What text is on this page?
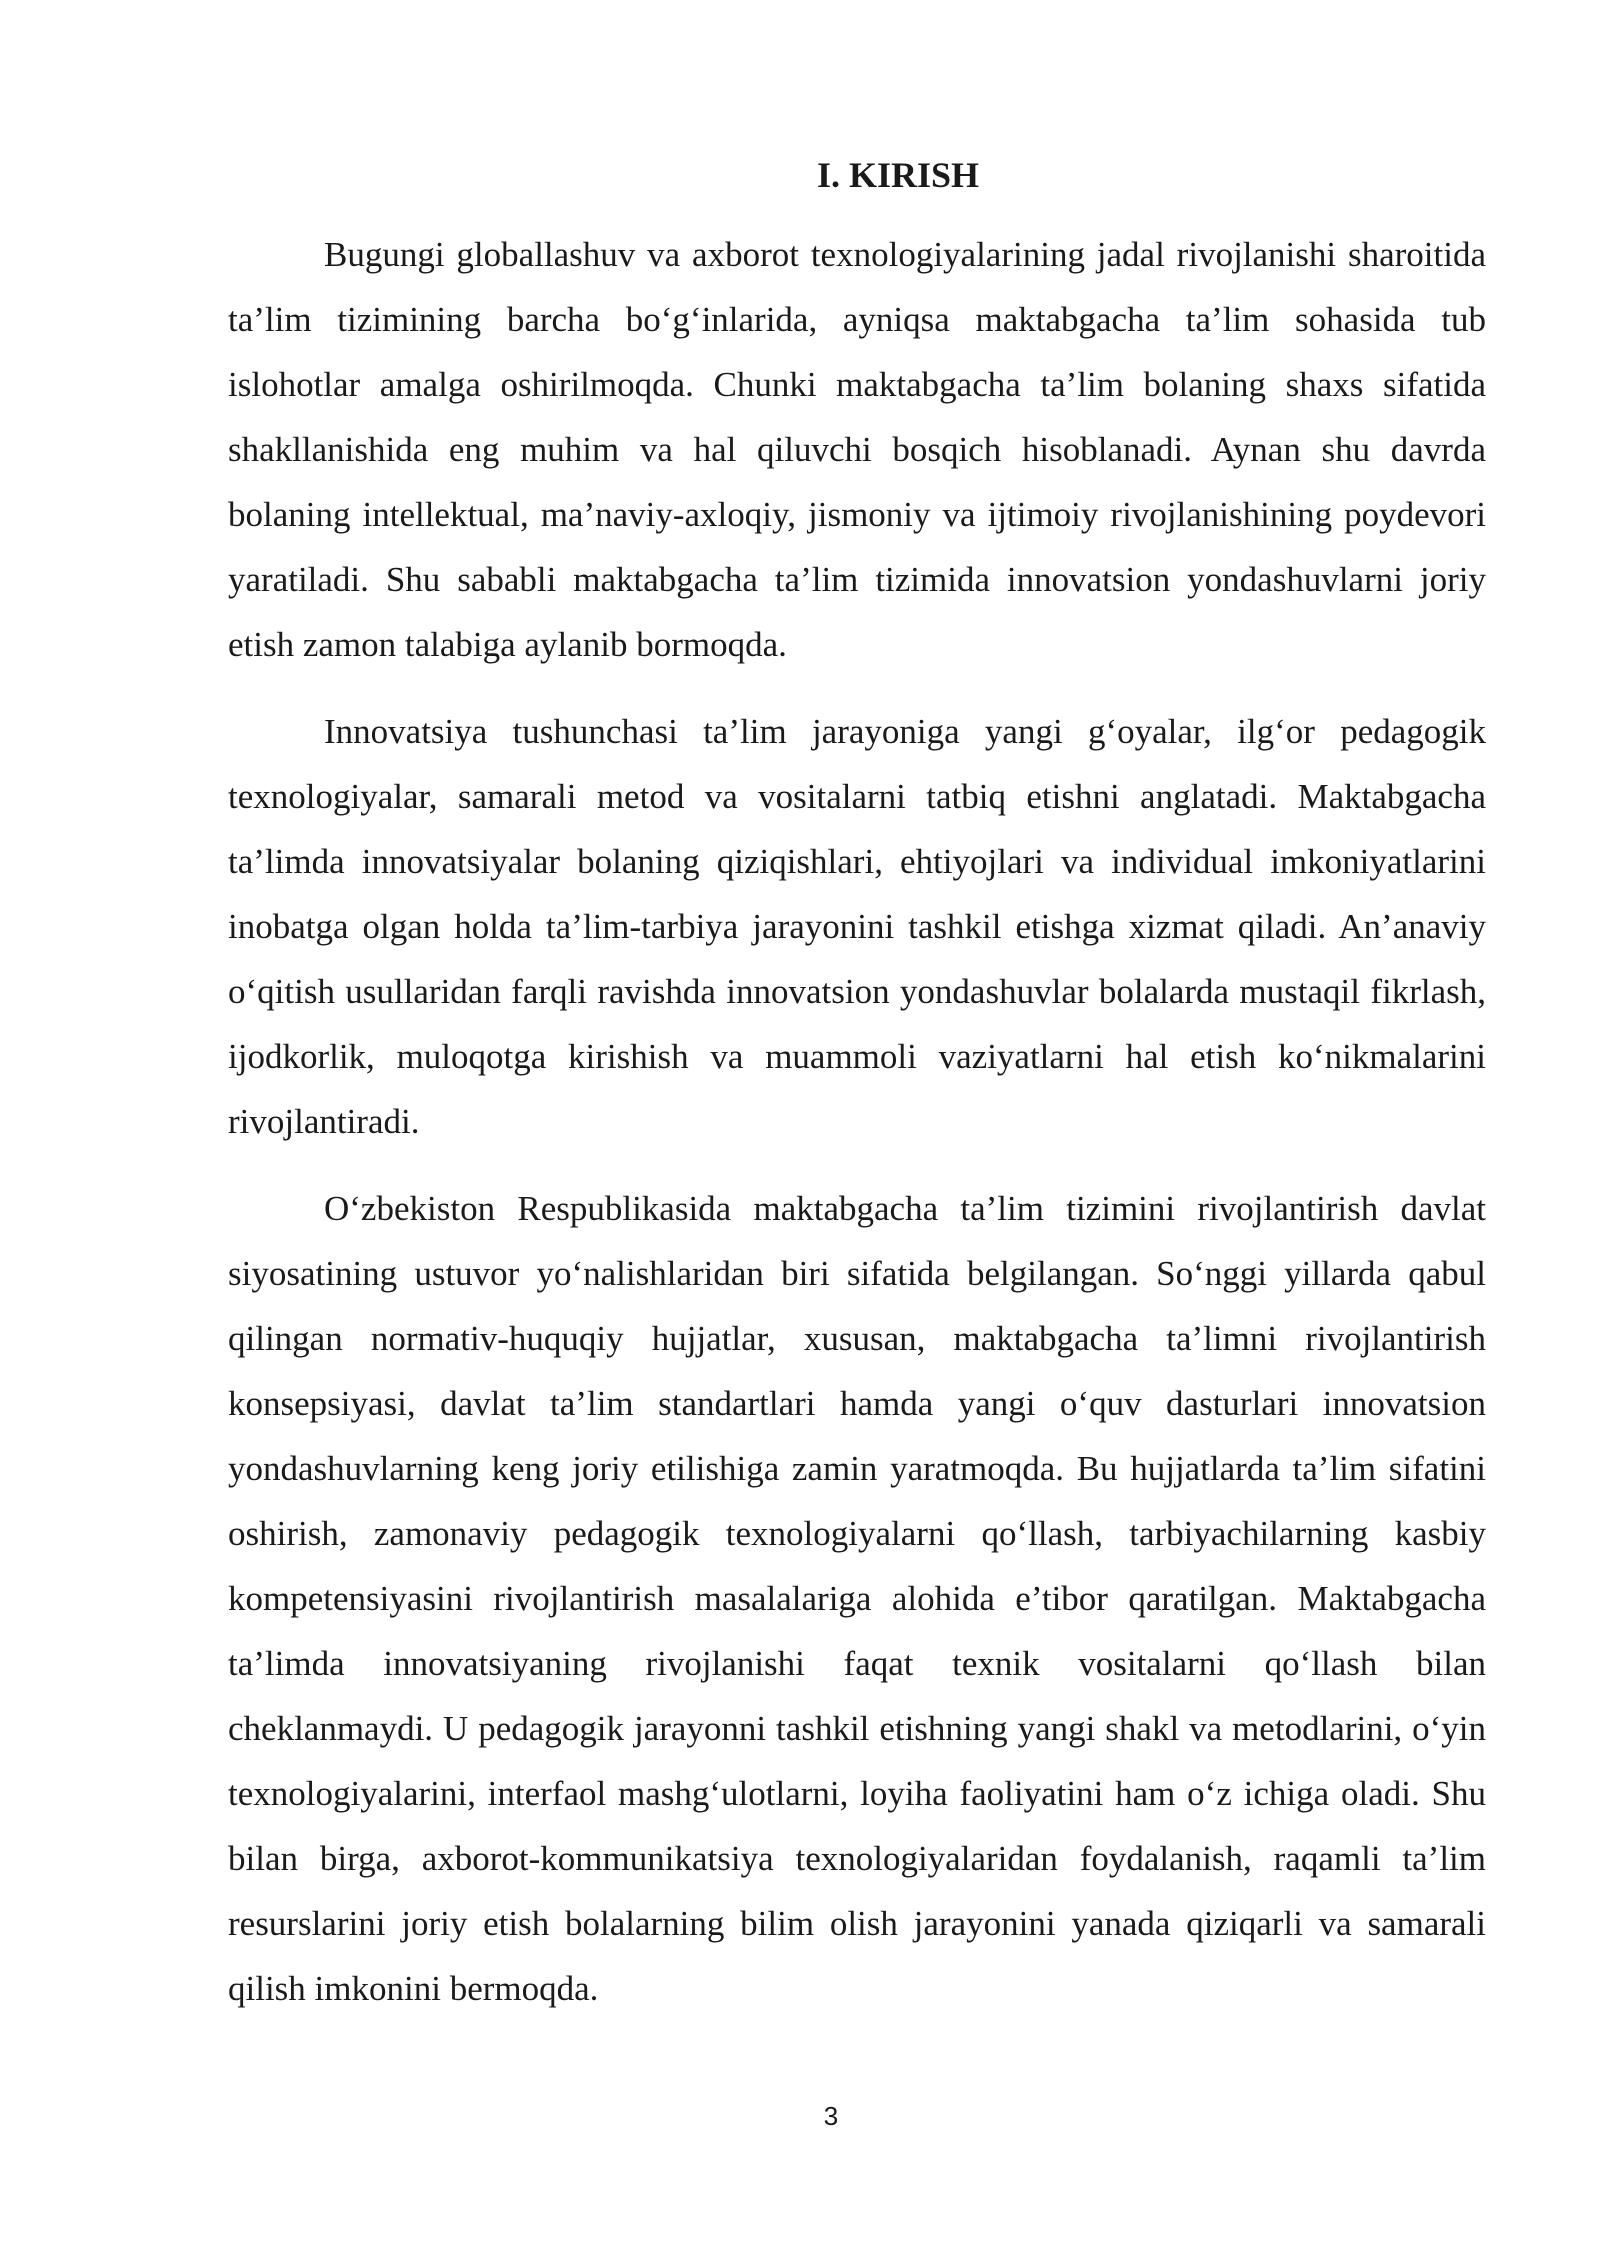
I. KIRISH

Bugungi globallashuv va axborot texnologiyalarining jadal rivojlanishi sharoitida ta’lim tizimining barcha bo‘g‘inlarida, ayniqsa maktabgacha ta’lim sohasida tub islohotlar amalga oshirilmoqda. Chunki maktabgacha ta’lim bolaning shaxs sifatida shakllanishida eng muhim va hal qiluvchi bosqich hisoblanadi. Aynan shu davrda bolaning intellektual, ma’naviy-axloqiy, jismoniy va ijtimoiy rivojlanishining poydevori yaratiladi. Shu sababli maktabgacha ta’lim tizimida innovatsion yondashuvlarni joriy etish zamon talabiga aylanib bormoqda.

Innovatsiya tushunchasi ta’lim jarayoniga yangi g‘oyalar, ilg‘or pedagogik texnologiyalar, samarali metod va vositalarni tatbiq etishni anglatadi. Maktabgacha ta’limda innovatsiyalar bolaning qiziqishlari, ehtiyojlari va individual imkoniyatlarini inobatga olgan holda ta’lim-tarbiya jarayonini tashkil etishga xizmat qiladi. An’anaviy o‘qitish usullaridan farqli ravishda innovatsion yondashuvlar bolalarda mustaqil fikrlash, ijodkorlik, muloqotga kirishish va muammoli vaziyatlarni hal etish ko‘nikmalarini rivojlantiradi.

O‘zbekiston Respublikasida maktabgacha ta’lim tizimini rivojlantirish davlat siyosatining ustuvor yo‘nalishlaridan biri sifatida belgilangan. So‘nggi yillarda qabul qilingan normativ-huquqiy hujjatlar, xususan, maktabgacha ta’limni rivojlantirish konsepsiyasi, davlat ta’lim standartlari hamda yangi o‘quv dasturlari innovatsion yondashuvlarning keng joriy etilishiga zamin yaratmoqda. Bu hujjatlarda ta’lim sifatini oshirish, zamonaviy pedagogik texnologiyalarni qo‘llash, tarbiyachilarning kasbiy kompetensiyasini rivojlantirish masalalariga alohida e’tibor qaratilgan. Maktabgacha ta’limda innovatsiyaning rivojlanishi faqat texnik vositalarni qo‘llash bilan cheklanmaydi. U pedagogik jarayonni tashkil etishning yangi shakl va metodlarini, o‘yin texnologiyalarini, interfaol mashg‘ulotlarni, loyiha faoliyatini ham o‘z ichiga oladi. Shu bilan birga, axborot-kommunikatsiya texnologiyalaridan foydalanish, raqamli ta’lim resurslarini joriy etish bolalarning bilim olish jarayonini yanada qiziqarli va samarali qilish imkonini bermoqda.

3
